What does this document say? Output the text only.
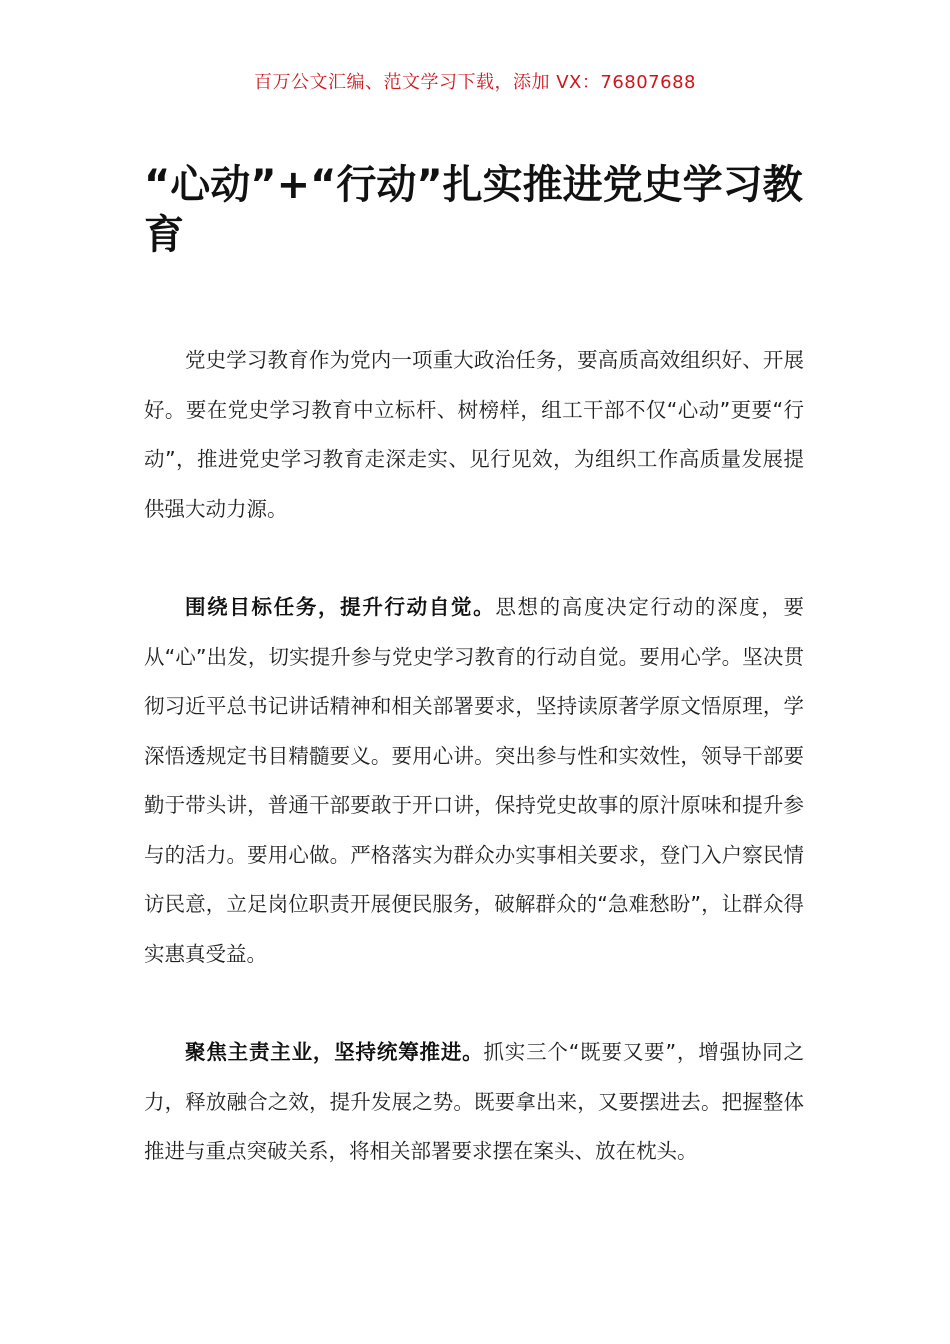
百万公文汇编、范文学习下载，添加 VX：76807688
“心动”+“行动”扎实推进党史学习教育

党史学习教育作为党内一项重大政治任务，要高质高效组织好、开展好。要在党史学习教育中立标杆、树榜样，组工干部不仅“心动”更要“行动”，推进党史学习教育走深走实、见行见效，为组织工作高质量发展提供强大动力源。

围绕目标任务，提升行动自觉。思想的高度决定行动的深度，要从“心”出发，切实提升参与党史学习教育的行动自觉。要用心学。坚决贯彻习近平总书记讲话精神和相关部署要求，坚持读原著学原文悟原理，学深悟透规定书目精髓要义。要用心讲。突出参与性和实效性，领导干部要勤于带头讲，普通干部要敢于开口讲，保持党史故事的原汁原味和提升参与的活力。要用心做。严格落实为群众办实事相关要求，登门入户察民情访民意，立足岗位职责开展便民服务，破解群众的“急难愁盼”，让群众得实惠真受益。

聚焦主责主业，坚持统筹推进。抓实三个“既要又要”，增强协同之力，释放融合之效，提升发展之势。既要拿出来，又要摆进去。把握整体推进与重点突破关系，将相关部署要求摆在案头、放在枕头。
